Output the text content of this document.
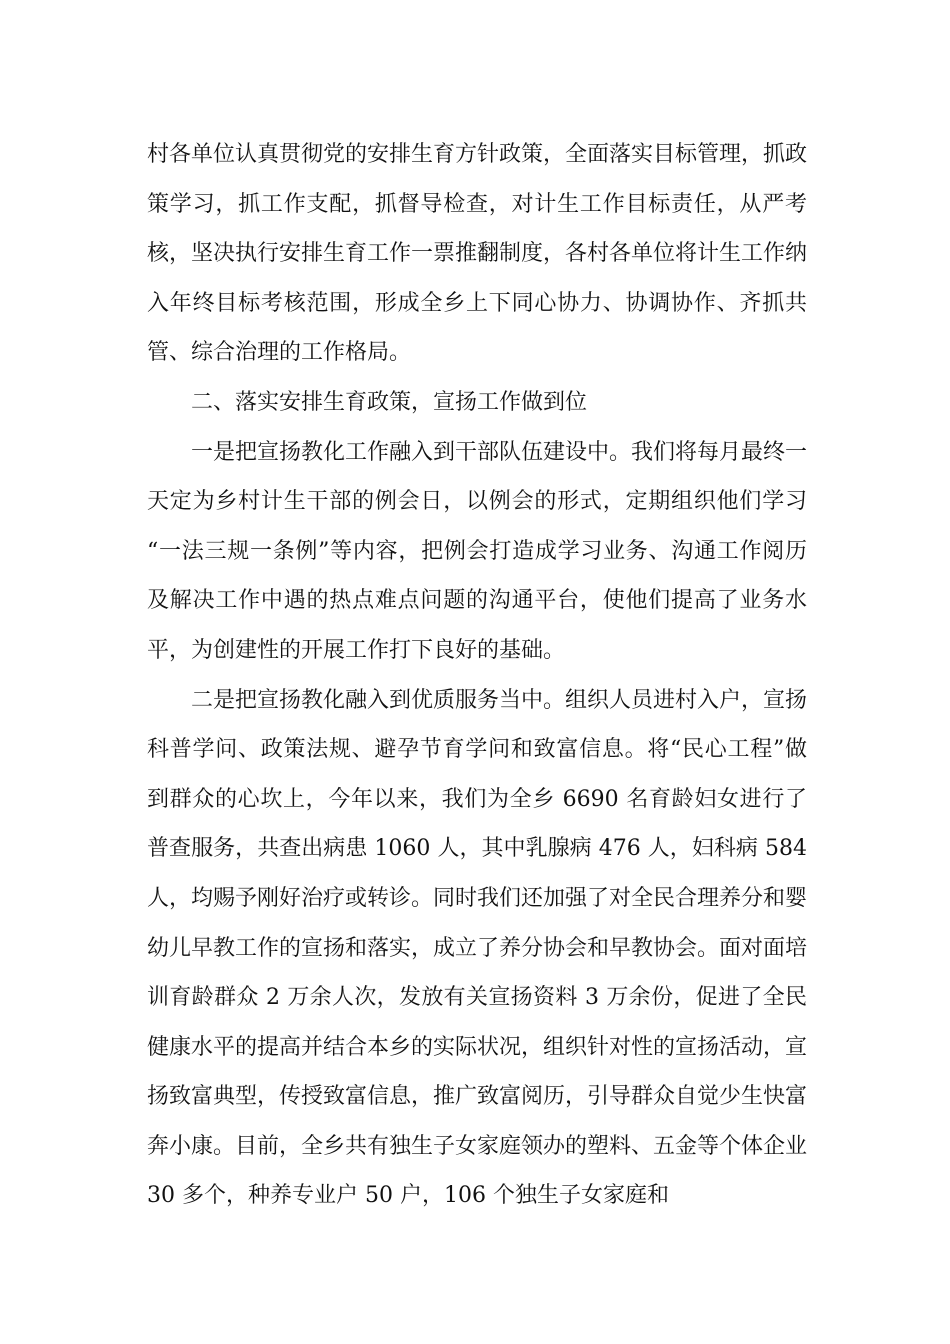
村各单位认真贯彻党的安排生育方针政策，全面落实目标管理，抓政策学习，抓工作支配，抓督导检查，对计生工作目标责任，从严考核，坚决执行安排生育工作一票推翻制度，各村各单位将计生工作纳入年终目标考核范围，形成全乡上下同心协力、协调协作、齐抓共管、综合治理的工作格局。

二、落实安排生育政策，宣扬工作做到位

一是把宣扬教化工作融入到干部队伍建设中。我们将每月最终一天定为乡村计生干部的例会日，以例会的形式，定期组织他们学习 “一法三规一条例”等内容，把例会打造成学习业务、沟通工作阅历及解决工作中遇的热点难点问题的沟通平台，使他们提高了业务水平，为创建性的开展工作打下良好的基础。

二是把宣扬教化融入到优质服务当中。组织人员进村入户，宣扬科普学问、政策法规、避孕节育学问和致富信息。将“民心工程”做到群众的心坎上，今年以来，我们为全乡 6690 名育龄妇女进行了普查服务，共查出病患 1060 人，其中乳腺病 476 人，妇科病 584 人，均赐予刚好治疗或转诊。同时我们还加强了对全民合理养分和婴幼儿早教工作的宣扬和落实，成立了养分协会和早教协会。面对面培训育龄群众 2 万余人次，发放有关宣扬资料 3 万余份，促进了全民健康水平的提高并结合本乡的实际状况，组织针对性的宣扬活动，宣扬致富典型，传授致富信息，推广致富阅历，引导群众自觉少生快富奔小康。目前，全乡共有独生子女家庭领办的塑料、五金等个体企业 30 多个，种养专业户 50 户，106 个独生子女家庭和
